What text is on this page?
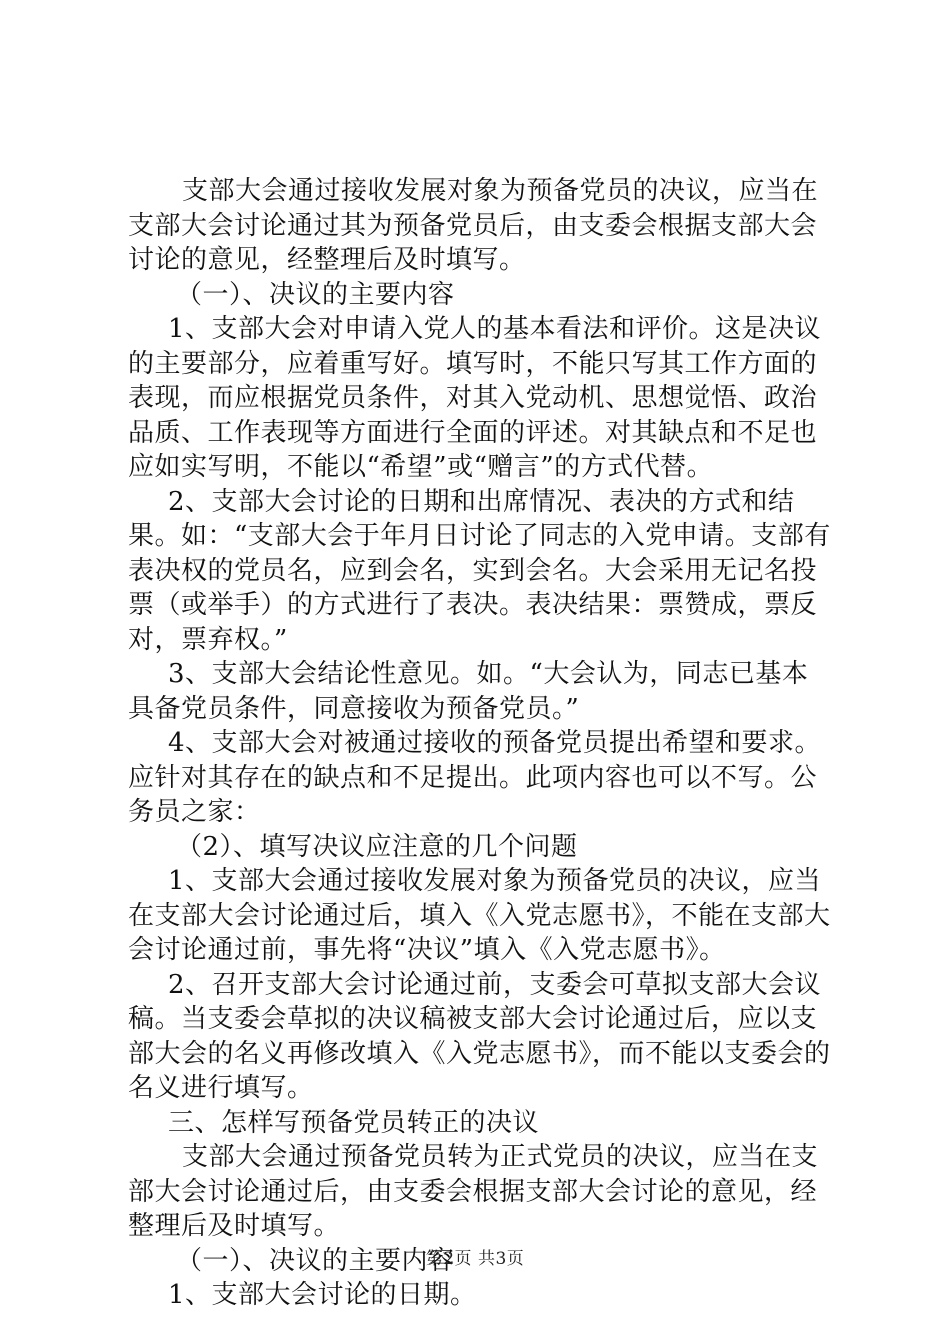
支部大会通过接收发展对象为预备党员的决议，应当在支部大会讨论通过其为预备党员后，由支委会根据支部大会讨论的意见，经整理后及时填写。

（一）、决议的主要内容

1、支部大会对申请入党人的基本看法和评价。这是决议的主要部分，应着重写好。填写时，不能只写其工作方面的表现，而应根据党员条件，对其入党动机、思想觉悟、政治品质、工作表现等方面进行全面的评述。对其缺点和不足也应如实写明，不能以“希望”或“赠言”的方式代替。

2、支部大会讨论的日期和出席情况、表决的方式和结果。如：“支部大会于年月日讨论了同志的入党申请。支部有表决权的党员名，应到会名，实到会名。大会采用无记名投票（或举手）的方式进行了表决。表决结果：票赞成，票反对，票弃权。”

3、支部大会结论性意见。如。“大会认为，同志已基本具备党员条件，同意接收为预备党员。”

4、支部大会对被通过接收的预备党员提出希望和要求。应针对其存在的缺点和不足提出。此项内容也可以不写。公务员之家：

（2）、填写决议应注意的几个问题

1、支部大会通过接收发展对象为预备党员的决议，应当在支部大会讨论通过后，填入《入党志愿书》，不能在支部大会讨论通过前，事先将“决议”填入《入党志愿书》。

2、召开支部大会讨论通过前，支委会可草拟支部大会议稿。当支委会草拟的决议稿被支部大会讨论通过后，应以支部大会的名义再修改填入《入党志愿书》，而不能以支委会的名义进行填写。

三、怎样写预备党员转正的决议

支部大会通过预备党员转为正式党员的决议，应当在支部大会讨论通过后，由支委会根据支部大会讨论的意见，经整理后及时填写。

（一）、决议的主要内容

1、支部大会讨论的日期。

第2页 共3页
